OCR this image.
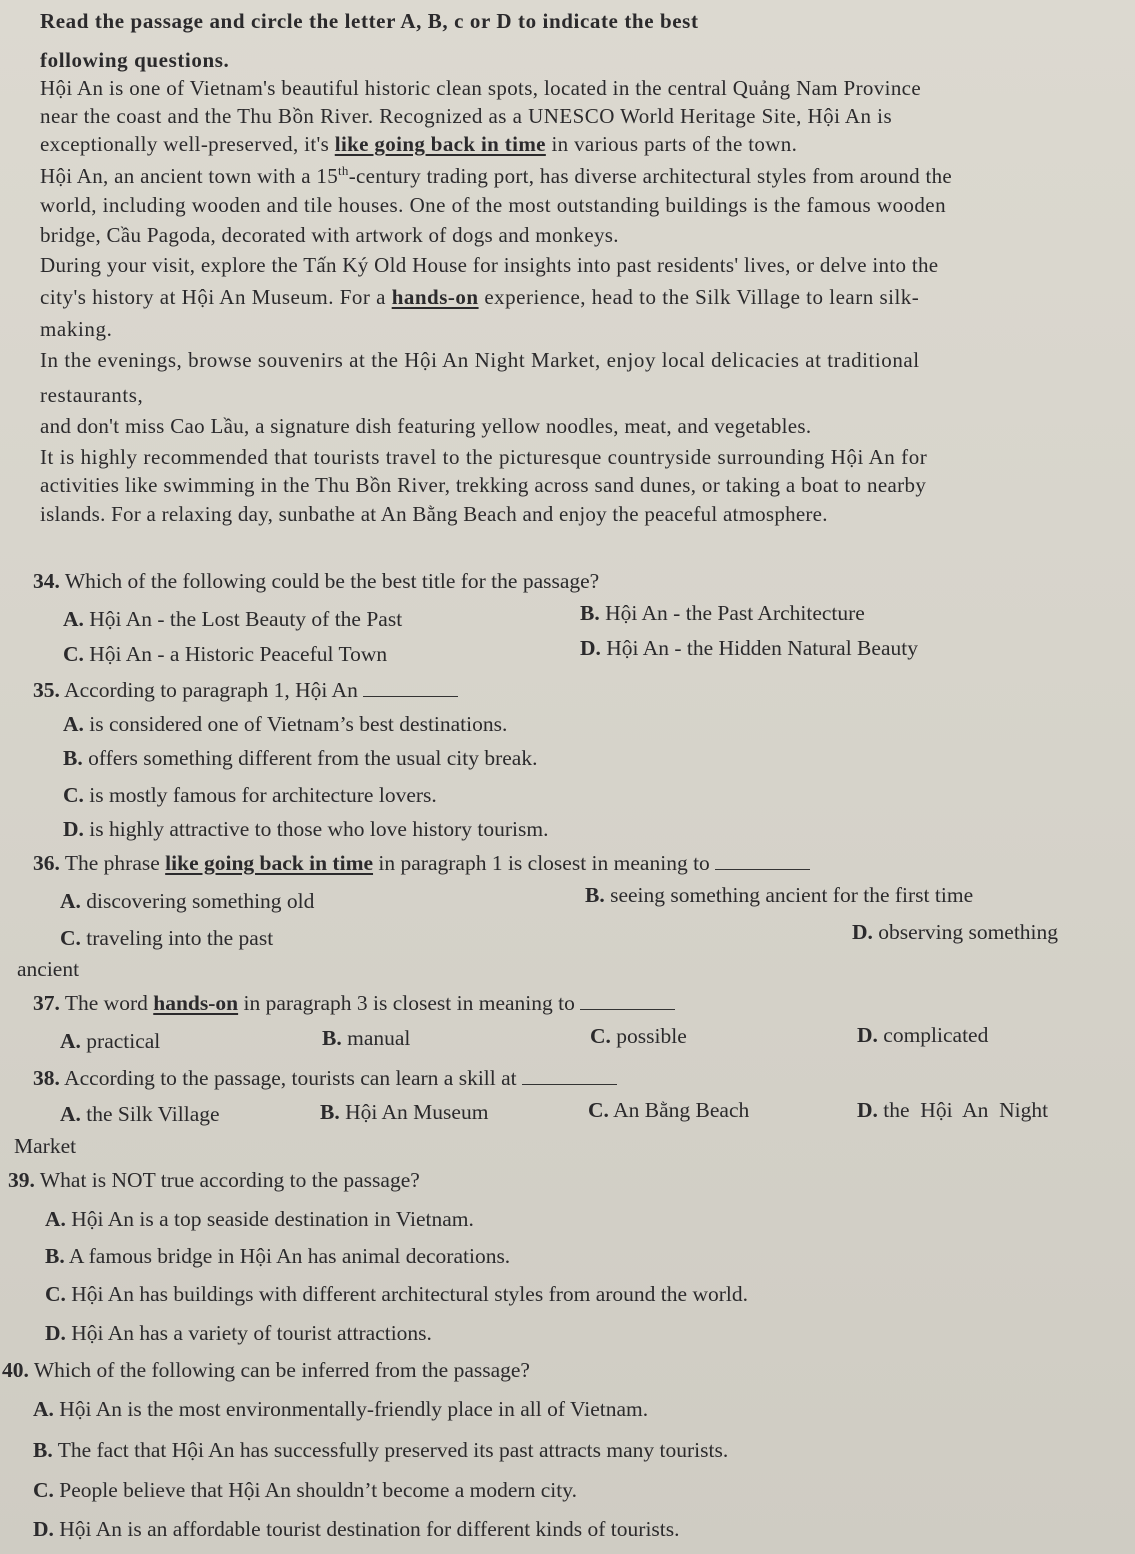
Read the passage and circle the letter A, B, c or D to indicate the best
following questions.
Hội An is one of Vietnam's beautiful historic clean spots, located in the central Quảng Nam Province
near the coast and the Thu Bồn River. Recognized as a UNESCO World Heritage Site, Hội An is
exceptionally well-preserved, it's like going back in time in various parts of the town.
Hội An, an ancient town with a 15th-century trading port, has diverse architectural styles from around the
world, including wooden and tile houses. One of the most outstanding buildings is the famous wooden
bridge, Cầu Pagoda, decorated with artwork of dogs and monkeys.
During your visit, explore the Tấn Ký Old House for insights into past residents' lives, or delve into the
city's history at Hội An Museum. For a hands-on experience, head to the Silk Village to learn silk-
making.
In the evenings, browse souvenirs at the Hội An Night Market, enjoy local delicacies at traditional
restaurants,
and don't miss Cao Lầu, a signature dish featuring yellow noodles, meat, and vegetables.
It is highly recommended that tourists travel to the picturesque countryside surrounding Hội An for
activities like swimming in the Thu Bồn River, trekking across sand dunes, or taking a boat to nearby
islands. For a relaxing day, sunbathe at An Bằng Beach and enjoy the peaceful atmosphere.
34. Which of the following could be the best title for the passage?
A. Hội An - the Lost Beauty of the Past	B. Hội An - the Past Architecture
C. Hội An - a Historic Peaceful Town	D. Hội An - the Hidden Natural Beauty
35. According to paragraph 1, Hội An
A. is considered one of Vietnam’s best destinations.
B. offers something different from the usual city break.
C. is mostly famous for architecture lovers.
D. is highly attractive to those who love history tourism.
36. The phrase like going back in time in paragraph 1 is closest in meaning to
A. discovering something old	B. seeing something ancient for the first time
C. traveling into the past	D. observing something
ancient
37. The word hands-on in paragraph 3 is closest in meaning to
A. practical	B. manual	C. possible	D. complicated
38. According to the passage, tourists can learn a skill at
A. the Silk Village	B. Hội An Museum	C. An Bằng Beach	D. the  Hội  An  Night
Market
39. What is NOT true according to the passage?
A. Hội An is a top seaside destination in Vietnam.
B. A famous bridge in Hội An has animal decorations.
C. Hội An has buildings with different architectural styles from around the world.
D. Hội An has a variety of tourist attractions.
40. Which of the following can be inferred from the passage?
A. Hội An is the most environmentally-friendly place in all of Vietnam.
B. The fact that Hội An has successfully preserved its past attracts many tourists.
C. People believe that Hội An shouldn’t become a modern city.
D. Hội An is an affordable tourist destination for different kinds of tourists.
